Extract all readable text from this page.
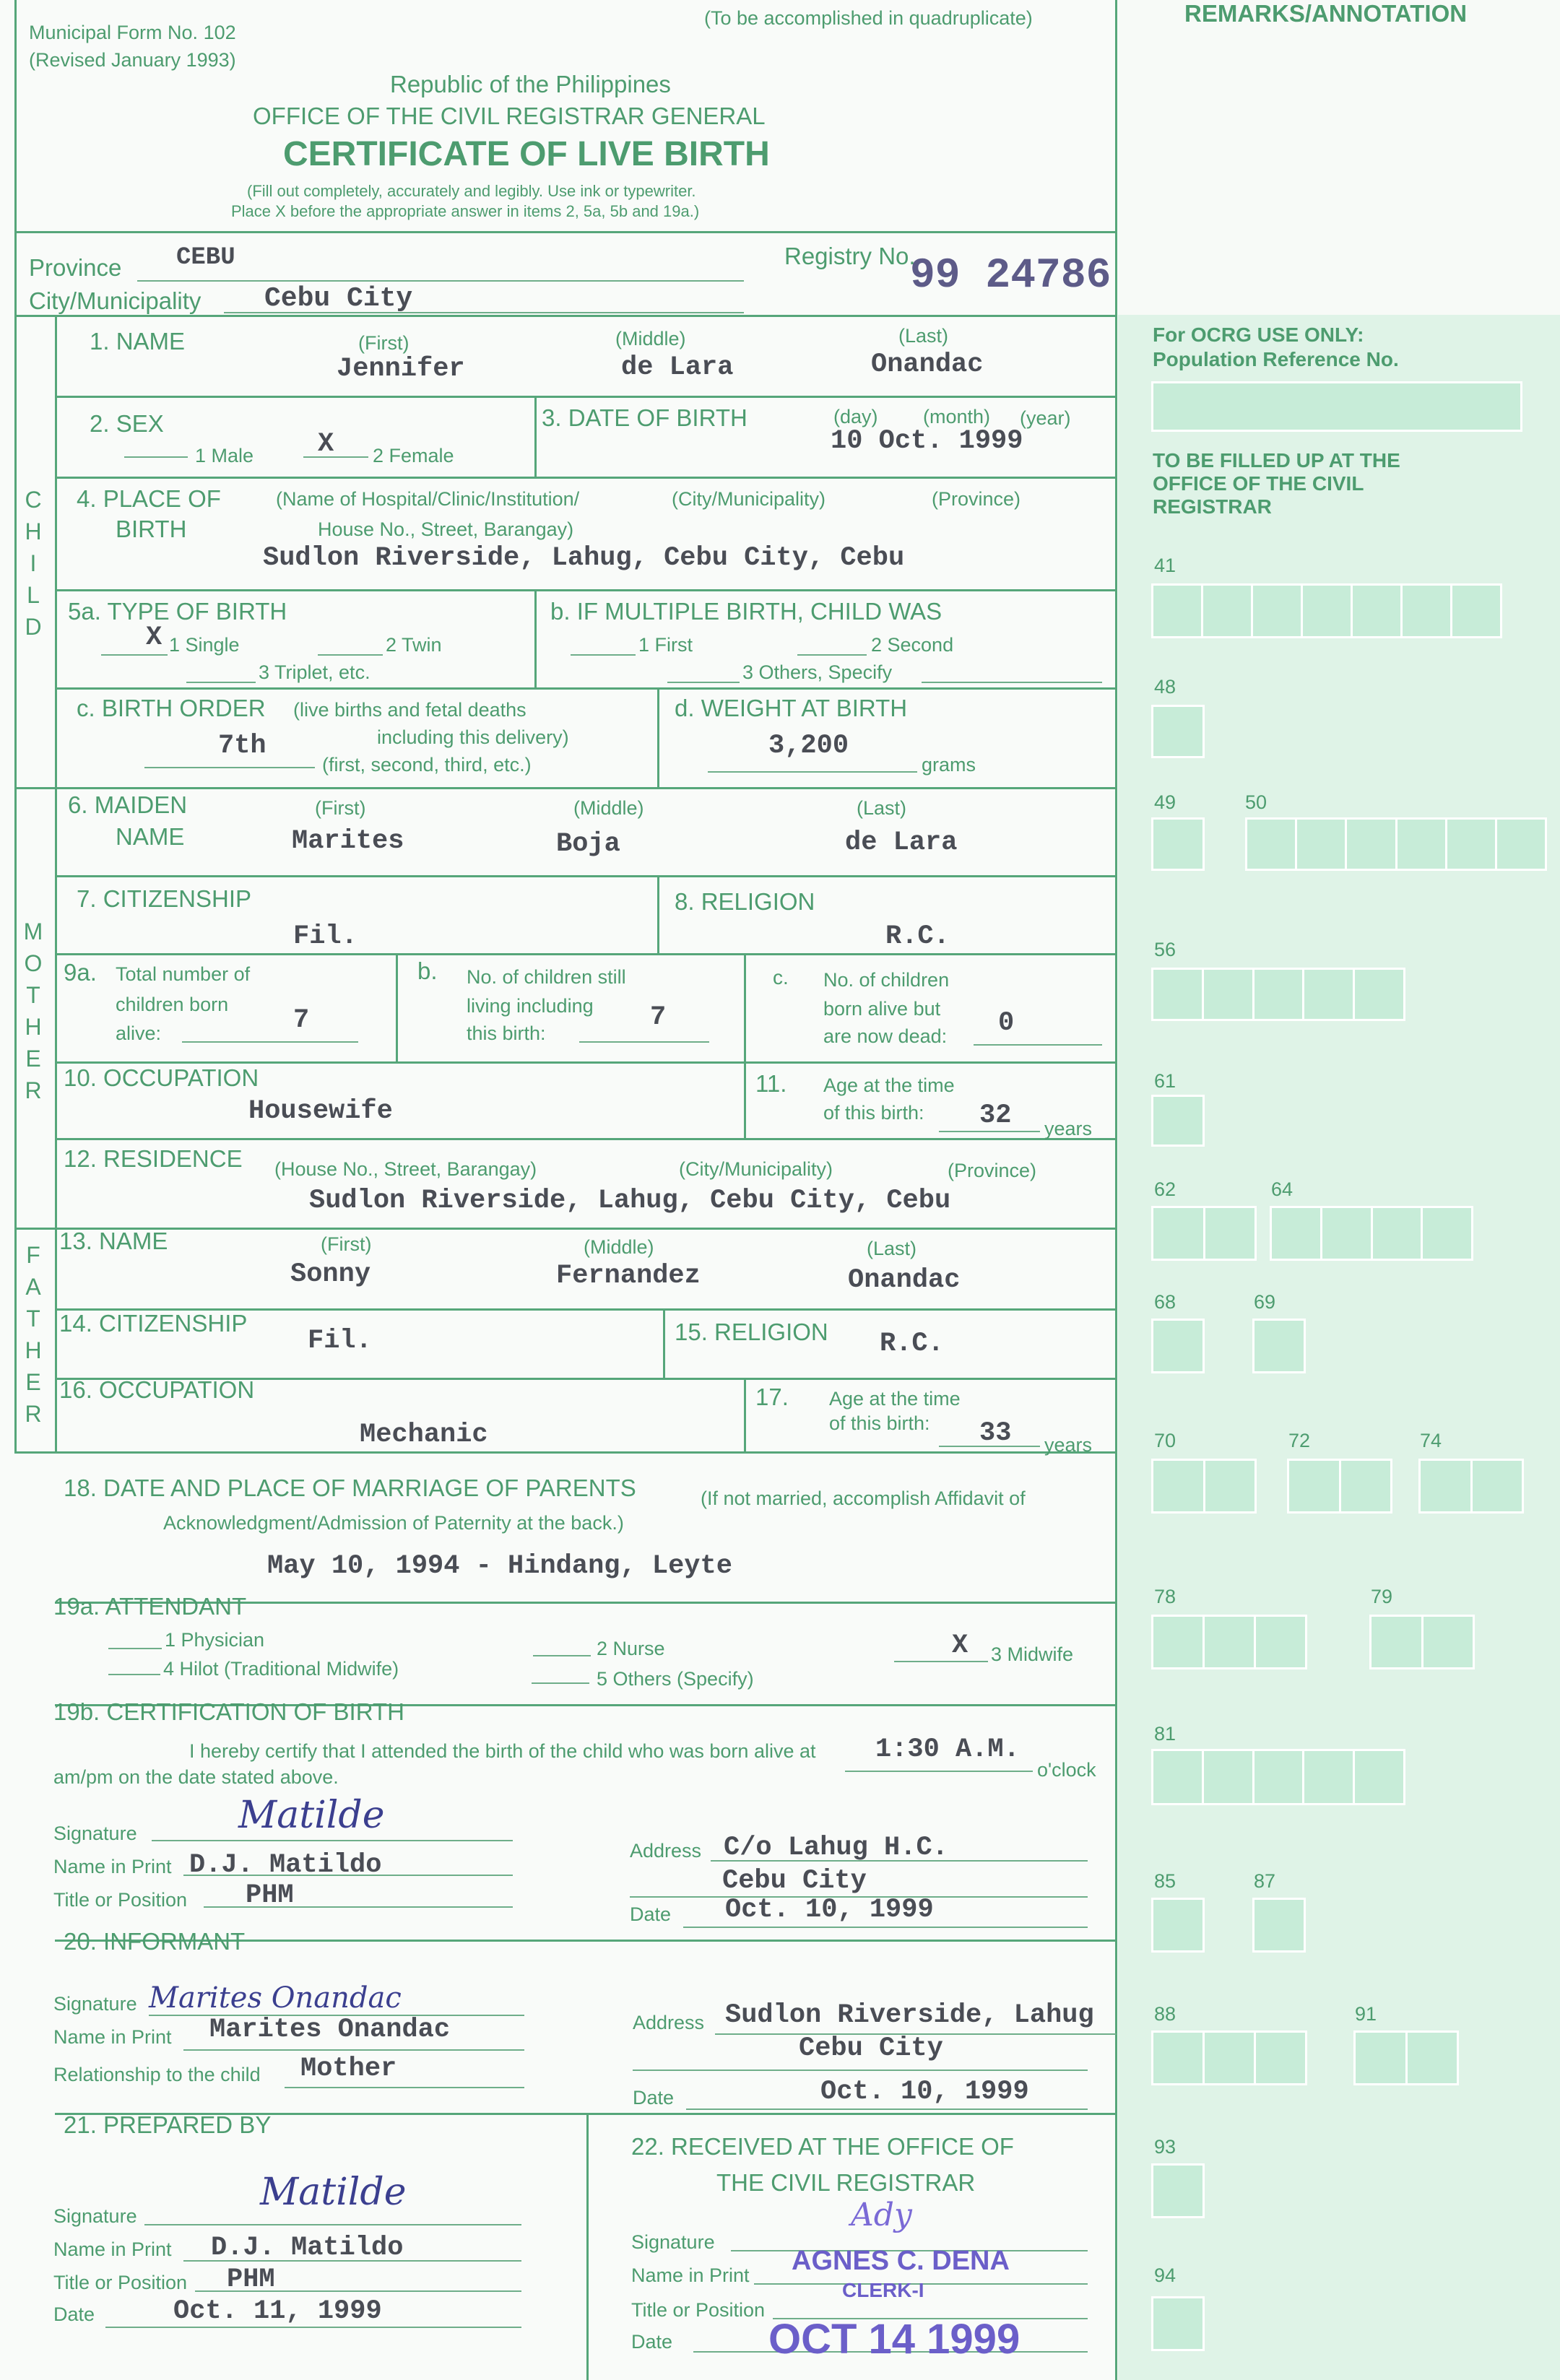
Municipal Form No. 102
(Revised January 1993)
(To be accomplished in quadruplicate)	REMARKS/ANNOTATION
Republic of the Philippines
OFFICE OF THE CIVIL REGISTRAR GENERAL
CERTIFICATE OF LIVE BIRTH
(Fill out completely, accurately and legibly. Use ink or typewriter.
Place X before the appropriate answer in items 2, 5a, 5b and 19a.)
Province CEBU
City/Municipality Cebu City
Registry No.
99 24786
C
H
I
L
D
M
O
T
H
E
R
F
A
T
H
E
R
1. NAME	(First)	(Middle)	(Last)
Jennifer	de Lara	Onandac
2. SEX
1 Male X 2 Female
3. DATE OF BIRTH	(day) (month) (year)
10 Oct. 1999
4. PLACE OF
BIRTH
(Name of Hospital/Clinic/Institution/
House No., Street, Barangay)
(City/Municipality)	(Province)
Sudlon Riverside, Lahug, Cebu City, Cebu
5a. TYPE OF BIRTH
X 1 Single	2 Twin
3 Triplet, etc.
b. IF MULTIPLE BIRTH, CHILD WAS
1 First	2 Second
3 Others, Specify
c. BIRTH ORDER (live births and fetal deaths
including this delivery)
7th
(first, second, third, etc.)
d. WEIGHT AT BIRTH
3,200
grams
6. MAIDEN
NAME
(First)	(Middle)	(Last)
Marites	Boja	de Lara
7. CITIZENSHIP
Fil.
8. RELIGION
R.C.
9a. Total number of
children born
alive:	7
b. No. of children still
living including
this birth:
7
c. No. of children
born alive but
are now dead: 0
10. OCCUPATION
Housewife
11. Age at the time
of this birth: 32 years
12. RESIDENCE (House No., Street, Barangay)	(City/Municipality)	(Province)
Sudlon Riverside, Lahug, Cebu City, Cebu
13. NAME	(First)	(Middle)	(Last)
Sonny	Fernandez	Onandac
14. CITIZENSHIP
Fil.	15. RELIGION R.C.
16. OCCUPATION
Mechanic
17. Age at the time
of this birth: 33 years
18. DATE AND PLACE OF MARRIAGE OF PARENTS	(If not married, accomplish Affidavit of
Acknowledgment/Admission of Paternity at the back.)
May 10, 1994 - Hindang, Leyte
19a. ATTENDANT
1 Physician
4 Hilot (Traditional Midwife)
2 Nurse
5 Others (Specify)
X 3 Midwife
19b. CERTIFICATION OF BIRTH
I hereby certify that I attended the birth of the child who was born alive at
am/pm on the date stated above.
1:30 A.M.
o'clock
Signature	Matilde
Name in Print D.J. Matildo
Title or Position PHM
Address C/o Lahug H.C.
Cebu City
Date Oct. 10, 1999
20. INFORMANT
Signature Marites Onandac
Name in Print Marites Onandac
Relationship to the child Mother
Address Sudlon Riverside, Lahug
Cebu City
Date	Oct. 10, 1999
21. PREPARED BY
Signature
Matilde
Name in Print D.J. Matildo
Title or Position PHM
Date	Oct. 11, 1999
22. RECEIVED AT THE OFFICE OF
THE CIVIL REGISTRAR
Signature
Ady
Name in Print AGNES C. DENA
Title or Position
CLERK-I
Date OCT 14 1999
For OCRG USE ONLY:
Population Reference No.
TO BE FILLED UP AT THE
OFFICE OF THE CIVIL
REGISTRAR
41
48
49	50
56
61
62	64
68	69
70	72	74
78	79
81
85	87
88	91
93
94
